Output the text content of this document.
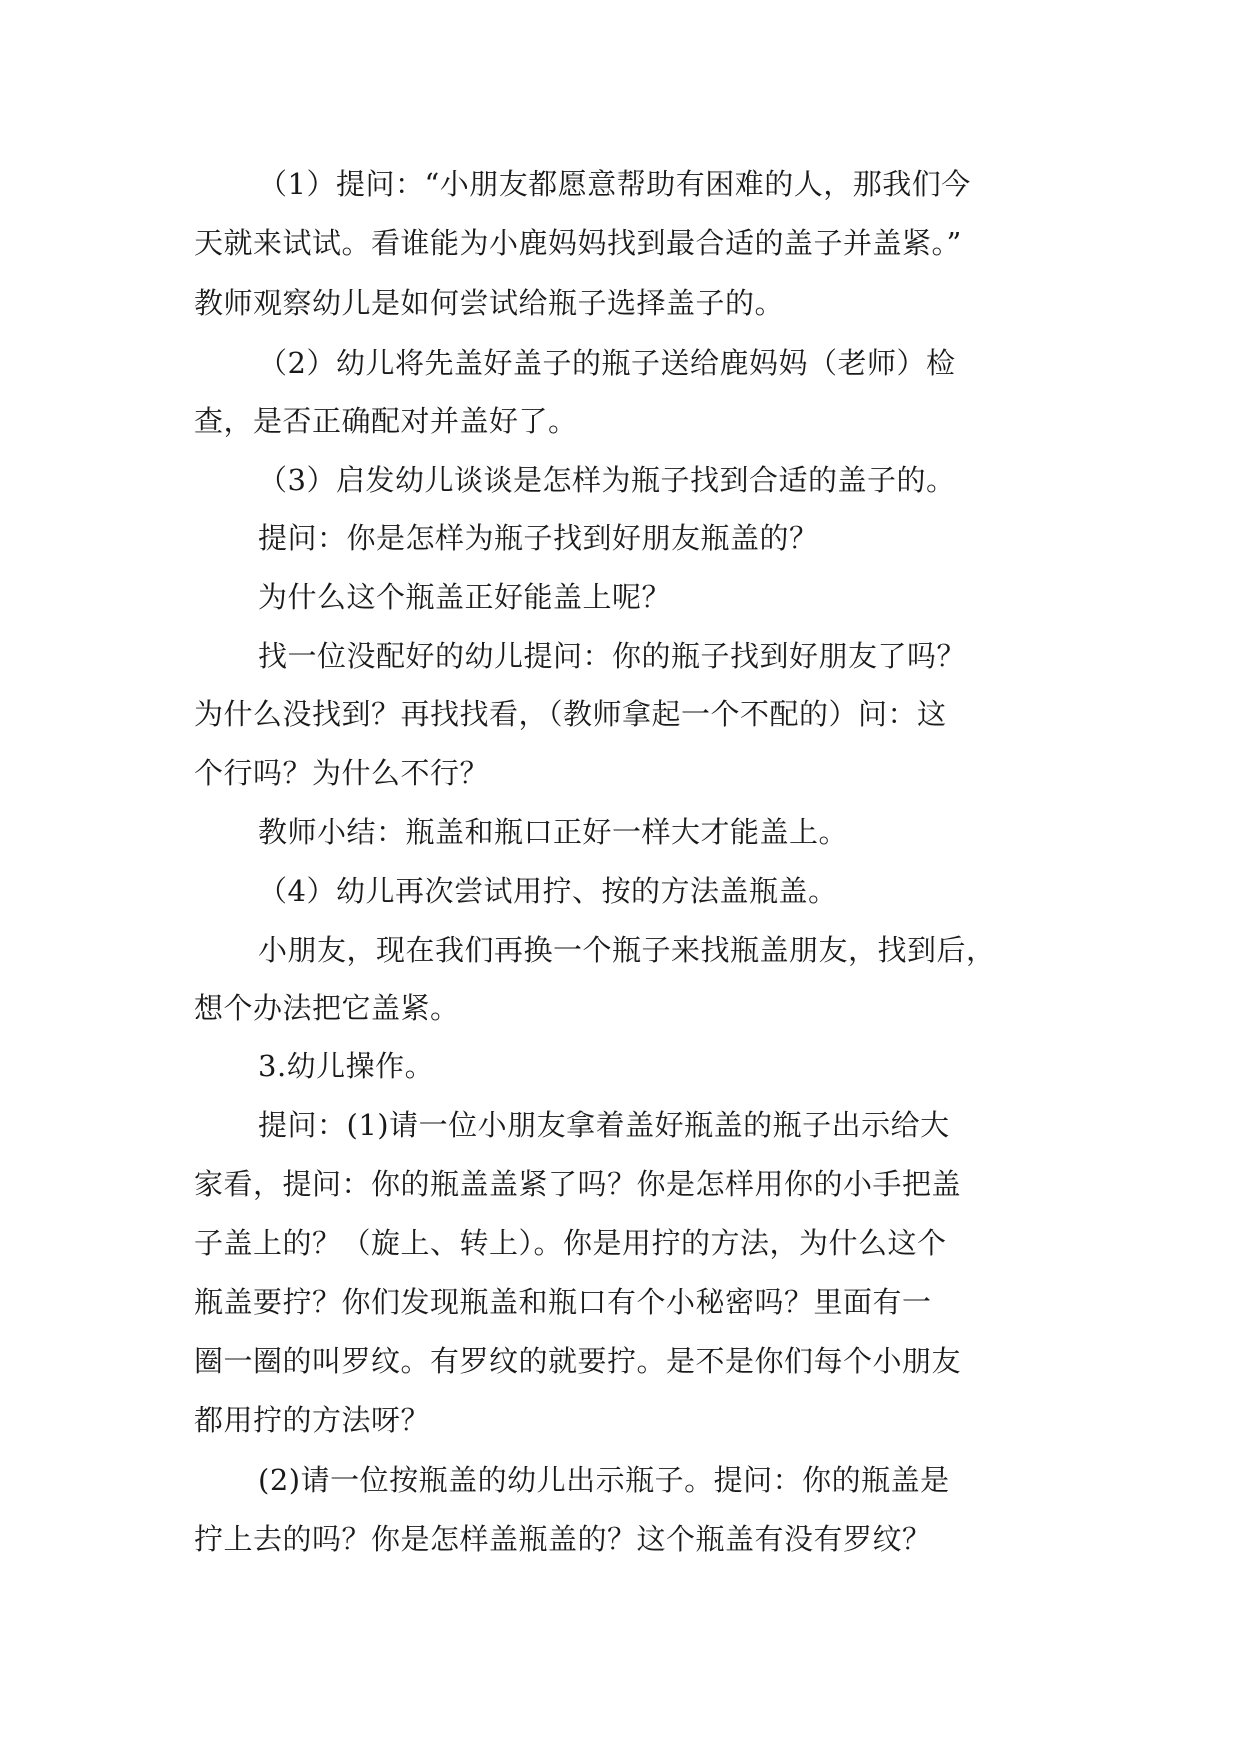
（1）提问：“小朋友都愿意帮助有困难的人，那我们今
天就来试试。看谁能为小鹿妈妈找到最合适的盖子并盖紧。”
教师观察幼儿是如何尝试给瓶子选择盖子的。
（2）幼儿将先盖好盖子的瓶子送给鹿妈妈（老师）检
查，是否正确配对并盖好了。
（3）启发幼儿谈谈是怎样为瓶子找到合适的盖子的。
提问：你是怎样为瓶子找到好朋友瓶盖的？
为什么这个瓶盖正好能盖上呢？
找一位没配好的幼儿提问：你的瓶子找到好朋友了吗？
为什么没找到？再找找看，（教师拿起一个不配的）问：这
个行吗？为什么不行？
教师小结：瓶盖和瓶口正好一样大才能盖上。
（4）幼儿再次尝试用拧、按的方法盖瓶盖。
小朋友，现在我们再换一个瓶子来找瓶盖朋友，找到后，
想个办法把它盖紧。
3.幼儿操作。
提问：(1)请一位小朋友拿着盖好瓶盖的瓶子出示给大
家看，提问：你的瓶盖盖紧了吗？你是怎样用你的小手把盖
子盖上的？（旋上、转上）。你是用拧的方法，为什么这个
瓶盖要拧？你们发现瓶盖和瓶口有个小秘密吗？里面有一
圈一圈的叫罗纹。有罗纹的就要拧。是不是你们每个小朋友
都用拧的方法呀？
(2)请一位按瓶盖的幼儿出示瓶子。提问：你的瓶盖是
拧上去的吗？你是怎样盖瓶盖的？这个瓶盖有没有罗纹？
